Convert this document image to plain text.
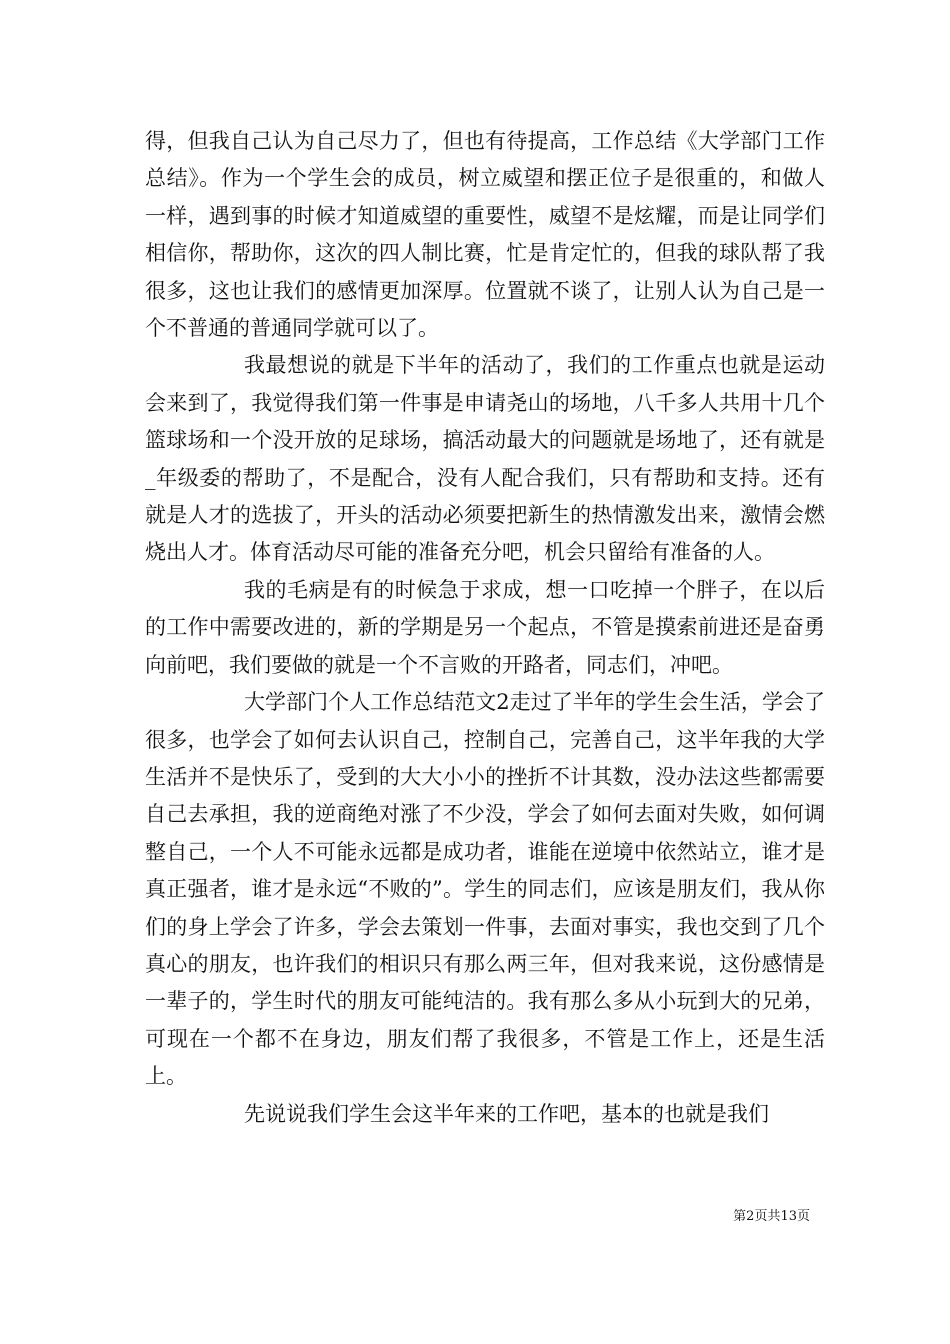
得，但我自己认为自己尽力了，但也有待提高，工作总结《大学部门工作总结》。作为一个学生会的成员，树立威望和摆正位子是很重的，和做人一样，遇到事的时候才知道威望的重要性，威望不是炫耀，而是让同学们相信你，帮助你，这次的四人制比赛，忙是肯定忙的，但我的球队帮了我很多，这也让我们的感情更加深厚。位置就不谈了，让别人认为自己是一个不普通的普通同学就可以了。

我最想说的就是下半年的活动了，我们的工作重点也就是运动会来到了，我觉得我们第一件事是申请尧山的场地，八千多人共用十几个篮球场和一个没开放的足球场，搞活动最大的问题就是场地了，还有就是_年级委的帮助了，不是配合，没有人配合我们，只有帮助和支持。还有就是人才的选拔了，开头的活动必须要把新生的热情激发出来，激情会燃烧出人才。体育活动尽可能的准备充分吧，机会只留给有准备的人。

我的毛病是有的时候急于求成，想一口吃掉一个胖子，在以后的工作中需要改进的，新的学期是另一个起点，不管是摸索前进还是奋勇向前吧，我们要做的就是一个不言败的开路者，同志们，冲吧。

大学部门个人工作总结范文2走过了半年的学生会生活，学会了很多，也学会了如何去认识自己，控制自己，完善自己，这半年我的大学生活并不是快乐了，受到的大大小小的挫折不计其数，没办法这些都需要自己去承担，我的逆商绝对涨了不少没，学会了如何去面对失败，如何调整自己，一个人不可能永远都是成功者，谁能在逆境中依然站立，谁才是真正强者，谁才是永远“不败的”。学生的同志们，应该是朋友们，我从你们的身上学会了许多，学会去策划一件事，去面对事实，我也交到了几个真心的朋友，也许我们的相识只有那么两三年，但对我来说，这份感情是一辈子的，学生时代的朋友可能纯洁的。我有那么多从小玩到大的兄弟，可现在一个都不在身边，朋友们帮了我很多，不管是工作上，还是生活上。

先说说我们学生会这半年来的工作吧，基本的也就是我们

第2页共13页
